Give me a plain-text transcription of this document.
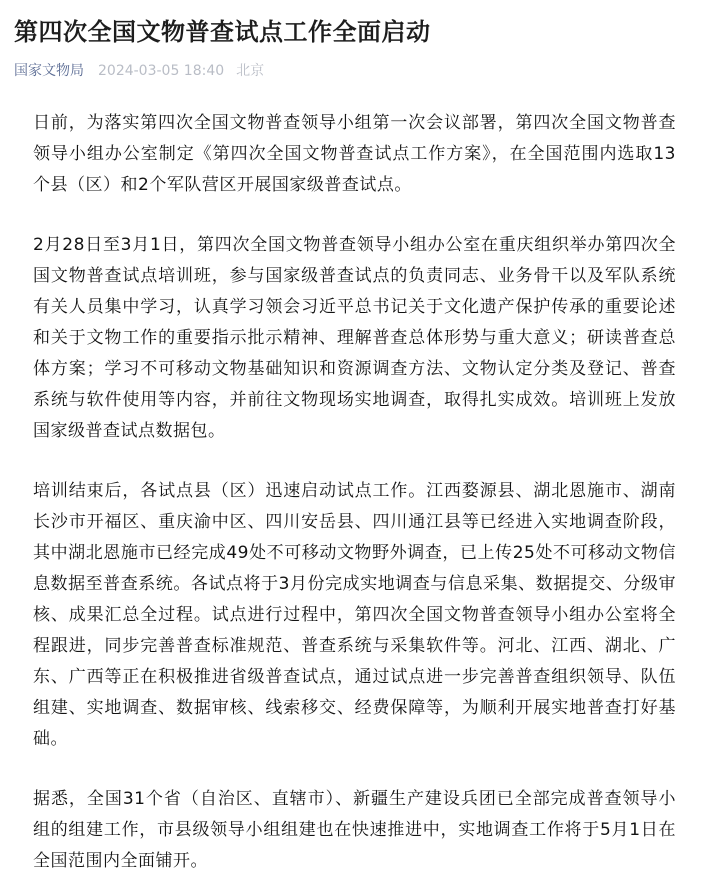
第四次全国文物普查试点工作全面启动
国家文物局 2024-03-05 18:40 北京

日前，为落实第四次全国文物普查领导小组第一次会议部署，第四次全国文物普查领导小组办公室制定《第四次全国文物普查试点工作方案》，在全国范围内选取13个县（区）和2个军队营区开展国家级普查试点。

2月28日至3月1日，第四次全国文物普查领导小组办公室在重庆组织举办第四次全国文物普查试点培训班，参与国家级普查试点的负责同志、业务骨干以及军队系统有关人员集中学习，认真学习领会习近平总书记关于文化遗产保护传承的重要论述和关于文物工作的重要指示批示精神、理解普查总体形势与重大意义；研读普查总体方案；学习不可移动文物基础知识和资源调查方法、文物认定分类及登记、普查系统与软件使用等内容，并前往文物现场实地调查，取得扎实成效。培训班上发放国家级普查试点数据包。

培训结束后，各试点县（区）迅速启动试点工作。江西婺源县、湖北恩施市、湖南长沙市开福区、重庆渝中区、四川安岳县、四川通江县等已经进入实地调查阶段，其中湖北恩施市已经完成49处不可移动文物野外调查，已上传25处不可移动文物信息数据至普查系统。各试点将于3月份完成实地调查与信息采集、数据提交、分级审核、成果汇总全过程。试点进行过程中，第四次全国文物普查领导小组办公室将全程跟进，同步完善普查标准规范、普查系统与采集软件等。河北、江西、湖北、广东、广西等正在积极推进省级普查试点，通过试点进一步完善普查组织领导、队伍组建、实地调查、数据审核、线索移交、经费保障等，为顺利开展实地普查打好基础。

据悉，全国31个省（自治区、直辖市）、新疆生产建设兵团已全部完成普查领导小组的组建工作，市县级领导小组组建也在快速推进中，实地调查工作将于5月1日在全国范围内全面铺开。
